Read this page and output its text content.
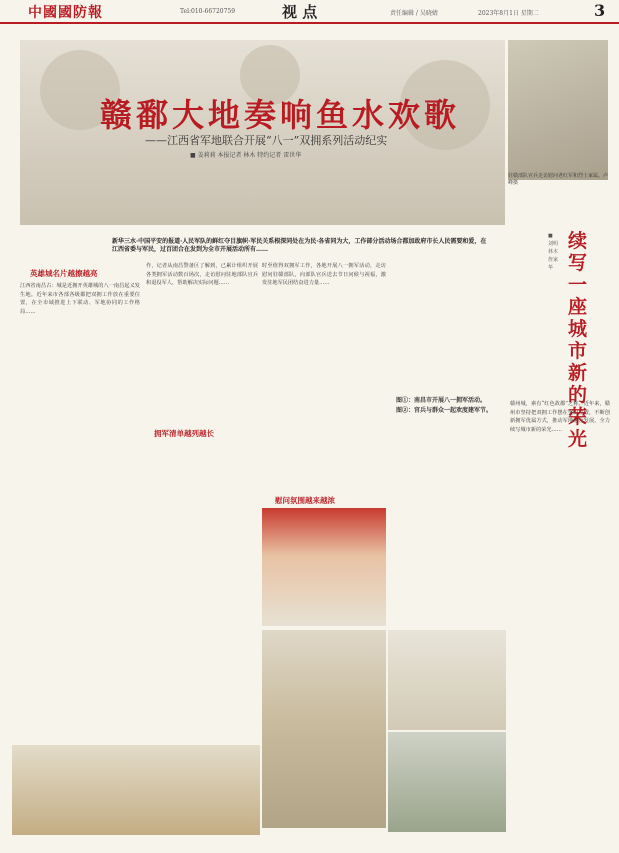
中國國防報	Tel:010-66720759	视 点	责任编辑 / 吴晓婧	2023年8月1日 星期二	3
赣鄱大地奏响鱼水欢歌
——江西省军地联合开展“八一”双拥系列活动纪实
■ 姜莉莉 本报记者 林木 特约记者 雷世华
驻赣部队官兵走访慰问老红军和烈士家属。卢峰摄
新华三水·中国平安的报道·人民军队的鲜红夺目旗帜·军民关系根深同处在为民·各省同为大，工作部分活动场合都加政府市长人民需要和爱，在江西省委与军民，过百团合在发到为全市开展活动所有……
英雄城名片越擦越亮
江西省南昌古：城是近拥开英雄城的八一南昌起义发生地。近年来市各部各级都把双拥工作放在重要位置，在全市域推进上下联动、军地协同的工作格局……
拥军清单越列越长
作，记者从南昌警备区了解到，已累计组织开展各类拥军活动数百场次，走访慰问驻地部队官兵和退役军人，帮助解决实际问题……
慰问氛围越来越浓
时至值得双拥军工作，各地开展八一拥军活动，走访慰问驻赣部队，向部队官兵送去节日问候与祝福，激发驻地军民团结奋进力量……
■ 刘明 林木 詹家华
续写一座城市新的荣光
赣州城，素有“红色故都”之称。近年来，赣州市坚持把双拥工作摆在突出位置，不断创新拥军优属方式，推动军地融合发展，全力续写城市新的荣光……
图①：南昌市开展八一拥军活动。
图②：官兵与群众一起欢度建军节。
